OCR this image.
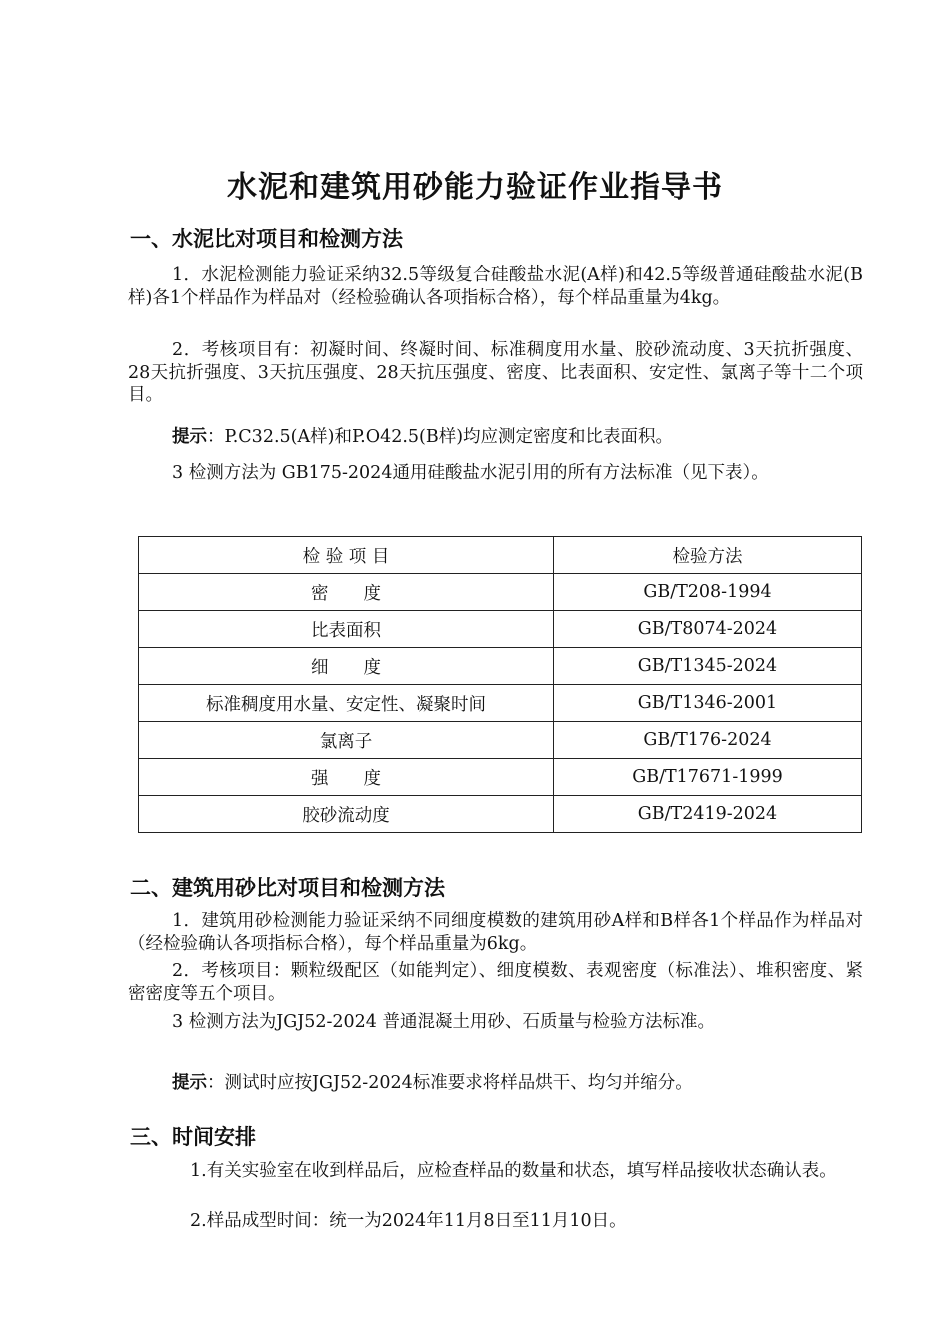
水泥和建筑用砂能力验证作业指导书
一、水泥比对项目和检测方法

1．水泥检测能力验证采纳32.5等级复合硅酸盐水泥(A样)和42.5等级普通硅酸盐水泥(B样)各1个样品作为样品对（经检验确认各项指标合格），每个样品重量为4kg。

2．考核项目有：初凝时间、终凝时间、标准稠度用水量、胶砂流动度、3天抗折强度、28天抗折强度、3天抗压强度、28天抗压强度、密度、比表面积、安定性、氯离子等十二个项目。

提示：P.C32.5(A样)和P.O42.5(B样)均应测定密度和比表面积。

3 检测方法为 GB175-2024通用硅酸盐水泥引用的所有方法标准（见下表）。

检 验 项 目	检验方法
密　　度	GB/T208-1994
比表面积	GB/T8074-2024
细　　度	GB/T1345-2024
标准稠度用水量、安定性、凝聚时间	GB/T1346-2001
氯离子	GB/T176-2024
强　　度	GB/T17671-1999
胶砂流动度	GB/T2419-2024
二、建筑用砂比对项目和检测方法

1．建筑用砂检测能力验证采纳不同细度模数的建筑用砂A样和B样各1个样品作为样品对（经检验确认各项指标合格），每个样品重量为6kg。

2．考核项目：颗粒级配区（如能判定）、细度模数、表观密度（标准法）、堆积密度、紧密密度等五个项目。

3 检测方法为JGJ52-2024 普通混凝土用砂、石质量与检验方法标准。

提示：测试时应按JGJ52-2024标准要求将样品烘干、均匀并缩分。

三、时间安排

1.有关实验室在收到样品后，应检查样品的数量和状态，填写样品接收状态确认表。

2.样品成型时间：统一为2024年11月8日至11月10日。
